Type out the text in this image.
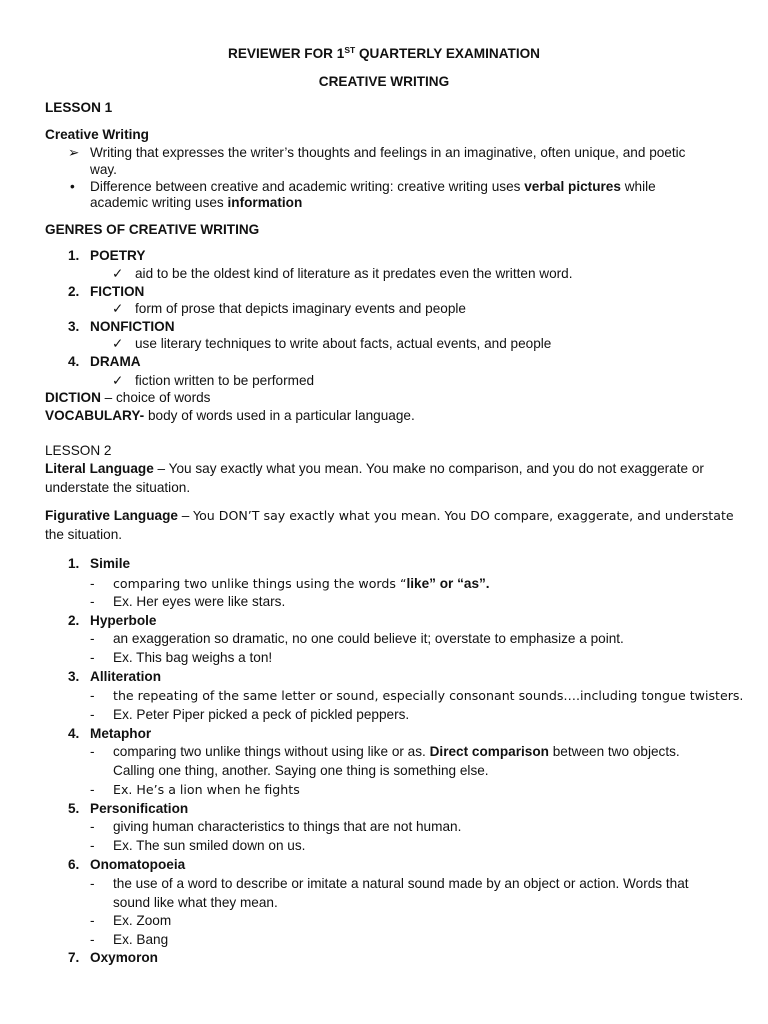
REVIEWER FOR 1ST QUARTERLY EXAMINATION
CREATIVE WRITING
LESSON 1
Creative Writing
➢ Writing that expresses the writer’s thoughts and feelings in an imaginative, often unique, and poetic
way.
• Difference between creative and academic writing: creative writing uses verbal pictures while
academic writing uses information
GENRES OF CREATIVE WRITING
1. POETRY
✓ aid to be the oldest kind of literature as it predates even the written word.
2. FICTION
✓ form of prose that depicts imaginary events and people
3. NONFICTION
✓ use literary techniques to write about facts, actual events, and people
4. DRAMA
✓ fiction written to be performed
DICTION – choice of words
VOCABULARY- body of words used in a particular language.
LESSON 2
Literal Language – You say exactly what you mean. You make no comparison, and you do not exaggerate or
understate the situation.
Figurative Language – You DON’T say exactly what you mean. You DO compare, exaggerate, and understate
the situation.
1. Simile
- comparing two unlike things using the words “like” or “as”.
- Ex. Her eyes were like stars.
2. Hyperbole
- an exaggeration so dramatic, no one could believe it; overstate to emphasize a point.
- Ex. This bag weighs a ton!
3. Alliteration
- the repeating of the same letter or sound, especially consonant sounds….including tongue twisters.
- Ex. Peter Piper picked a peck of pickled peppers.
4. Metaphor
- comparing two unlike things without using like or as. Direct comparison between two objects.
Calling one thing, another. Saying one thing is something else.
- Ex. He’s a lion when he fights
5. Personification
- giving human characteristics to things that are not human.
- Ex. The sun smiled down on us.
6. Onomatopoeia
- the use of a word to describe or imitate a natural sound made by an object or action. Words that
sound like what they mean.
- Ex. Zoom
- Ex. Bang
7. Oxymoron
